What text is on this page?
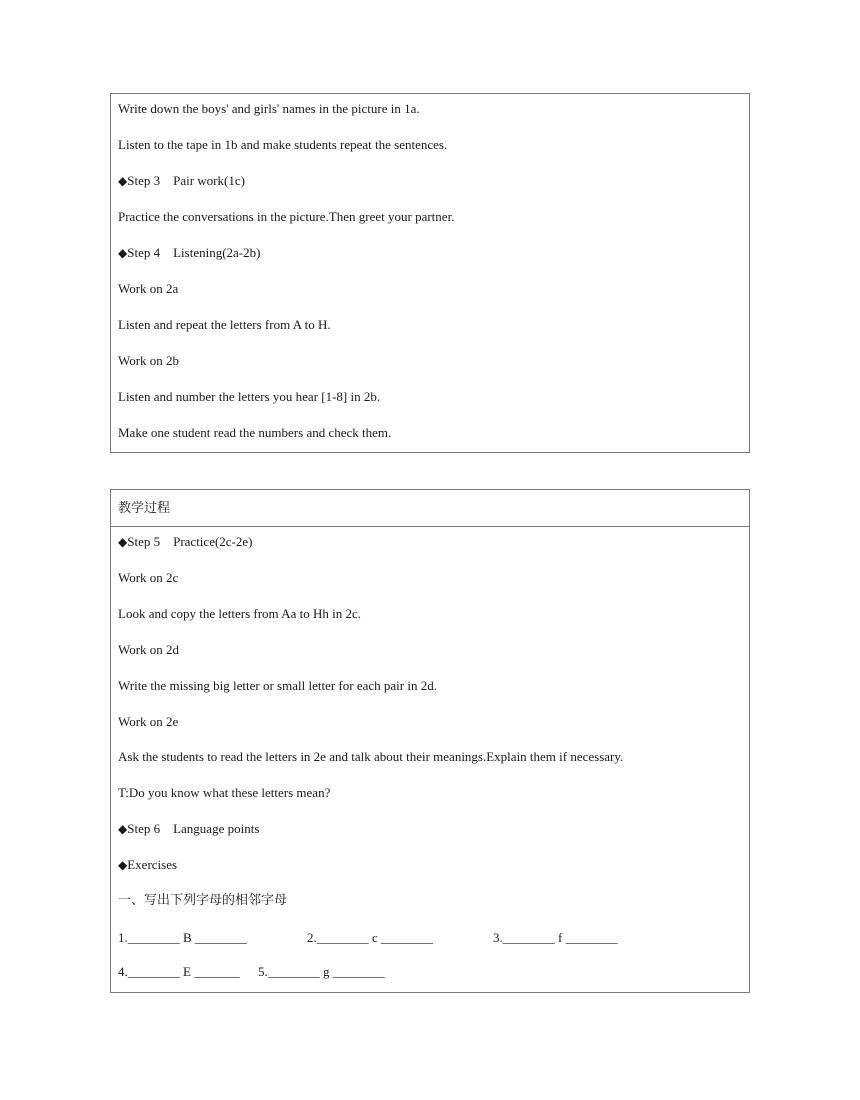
Write down the boys' and girls' names in the picture in 1a.
Listen to the tape in 1b and make students repeat the sentences.
◆Step 3    Pair work(1c)
Practice the conversations in the picture.Then greet your partner.
◆Step 4    Listening(2a-2b)
Work on 2a
Listen and repeat the letters from A to H.
Work on 2b
Listen and number the letters you hear [1-8] in 2b.
Make one student read the numbers and check them.
教学过程
◆Step 5    Practice(2c-2e)
Work on 2c
Look and copy the letters from Aa to Hh in 2c.
Work on 2d
Write the missing big letter or small letter for each pair in 2d.
Work on 2e
Ask the students to read the letters in 2e and talk about their meanings.Explain them if necessary.
T:Do you know what these letters mean?
◆Step 6    Language points
◆Exercises
一、写出下列字母的相邻字母
1.________ B ________	2.________ c ________	3.________ f ________
4.________ E _______ 5.________ g ________
